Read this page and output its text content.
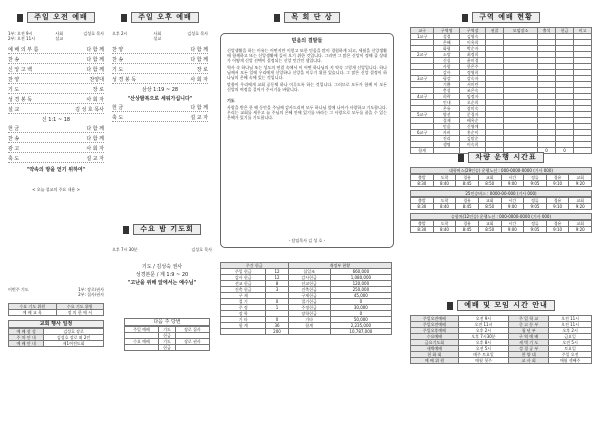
주일 오전 예배
1부: 오전 9시
2부: 오전 11시
사회
설교
김성호 목사
예 배 의 부 름	다 함 께
찬 송	다 함 께
신 앙 고 백	다 함 께
찬 양	찬양대
기 도	장 로
성 경 봉 독	사 회 자
설 교	김 성 호 목사
신 1:1 ~ 18
헌 금	다 함 께
찬 송	다 함 께
광 고	사 회 자
축 도	설 교 자
"약속의 땅을 얻기 위하여"
< 오늘 설교의 주요 내용 >
이번주 기도	1부: 장로/권사
2부: 집사/권사
수요 기도 위원	수요 기도 위원
예 배 교 육	정 의 한 에 서
교회 행사 일정
예 배 장 성	김성호 장로
주 차 안 내	김성호 장로 외 2인
예 배 안 내	제1여전도회
주일 오후 예배
오후 2시	사회
설교
김성호 목사
찬 양	다 함 께
찬 송	다 함 께
기 도	장 로
성 경 봉 독	사 회 자
삼상 1:19 ~ 28
"산상팔복으로 세워가십니다"
헌 금	다 함 께
축 도	설 교 자
수요 밤 기도회
오후 7시 30분	김성호 목사
기도 / 김성숙 권사
성경본문 / 계 1:9 ~ 20
"고난을 위해 앞에서는 예수님"
다음 주 당번
주일 예배	기도	장로 집사
	헌금	
수요 예배	기도	장로 권사
	헌금	
목 회 단 상
믿음의 결말들

신앙생활을 하는 이유는 어떤지만 이렇고 또한 믿음을 많이 경험하게 되고, 세월을 신앙생활에 함께하고 또는 신앙생활에 들어 오기 위한 것입니다. 그러면 그 많은 신앙이 정해 줄 상태가 어떻게 신앙 선택이 결정되는 신앙 인간인 셈입니다.

역사 속 하나님 또는 성도의 연결 속에서 이 어떤 하나님의 지 약속 그렇게 신앙입니다. 하나님께서 모든 일에 우리에게 신앙하나 신앙을 이루기 위한 있습니다. 그 많은 신앙 결정이 하나님의 은혜 속에 있는 것입니다.

말씀이 우리에게 교회 공동체 하나 이루도록 하는 것입니다. 그러므로 모두가 함께 이 모든 신앙의 여정을 걸어가 주시기를 바랍니다.

기도

사랑을 받은 한 해 동안을 주님께 감사드리며 모두 하나님 앞에 나아가 사랑하고 기도합니다. 우리는 교회를 세우고 늘 주님의 은혜 안에 있기를 바라는 그 사랑으로 모두를 품을 수 있는 은혜가 있기를 기도합니다.

- 담임목사 김 성 호 -
주간 헌금		재정부 현황	
주일 헌금	12	십일조	660,000
감사 헌금	12	감사헌금	1,080,000
선교 헌금	8	선교헌금	120,000
건축 헌금	3	건축헌금	250,000
구 제		구제헌금	45,000
절 기	0	절기헌금	0
주 정	1	주정헌금	30,000
장 학		장학헌금	0
기 타	0	기타	50,000
합 계	36	합계	2,235,000
	200		10,787,000
구역 예배 현황
교구	구역명	구역장	권찰	모임장소	출석	헌금	비고
1교구	성결	김영숙					
	은혜	이옥희					
	화평	박순자					
2교구	소망	최정희					
	신실	윤미경					
	사랑	한은주					
	감사	정영희					
3교구	평강	강숙자					
	기쁨	서미란					
	충성	조은숙					
4교구	희락	임정자					
	인내	오순희					
	온유	장미숙					
5교구	양선	문경자					
	절제	배옥순					
	믿음	신영애					
6교구	자비	홍순이					
	진리	김말순					
	생명	이숙희					
합계					0	0	
차량 운행 시간표
대형버스(29인승) 운행노선 : 000-0000-0000 (기사 000)
출발	도착	경유	교회	시간	정류	경유	교회
8:30	8:40	8:45	8:50	9:00	9:05	9:10	9:20
25인승버스 : 0000-00-000 (기사 000)
출발	도착	경유	교회	시간	정류	경유	교회
8:30	8:40	8:45	8:50	9:00	9:05	9:10	9:20
승합차(12인승) 운행노선 : 000-0000-0000 (기사 000)
출발	도착	경유	교회	시간	정류	경유	교회
8:30	8:40	8:45	8:50	9:00	9:05	9:10	9:20
예배 및 모임 시간 안내
주일오전예배	오전 9시	주 일 학 교	오전 11시
주일오전예배	오전 11시	중 고 등 부	오전 11시
주일오후예배	오후 2시	청 년 부	오후 2시
수요예배	오후 7시30분	구 역 예 배	금요일
금요기도회	오후 8시	새 벽 기 도	오전 5시
새벽예배	오전 5시	성 경 공 부	토요일
헌 화 회	매주 토요일	찬 양 대	주일 오전
예 배 위 원	매월 첫주	교 사 회	매월 셋째주
